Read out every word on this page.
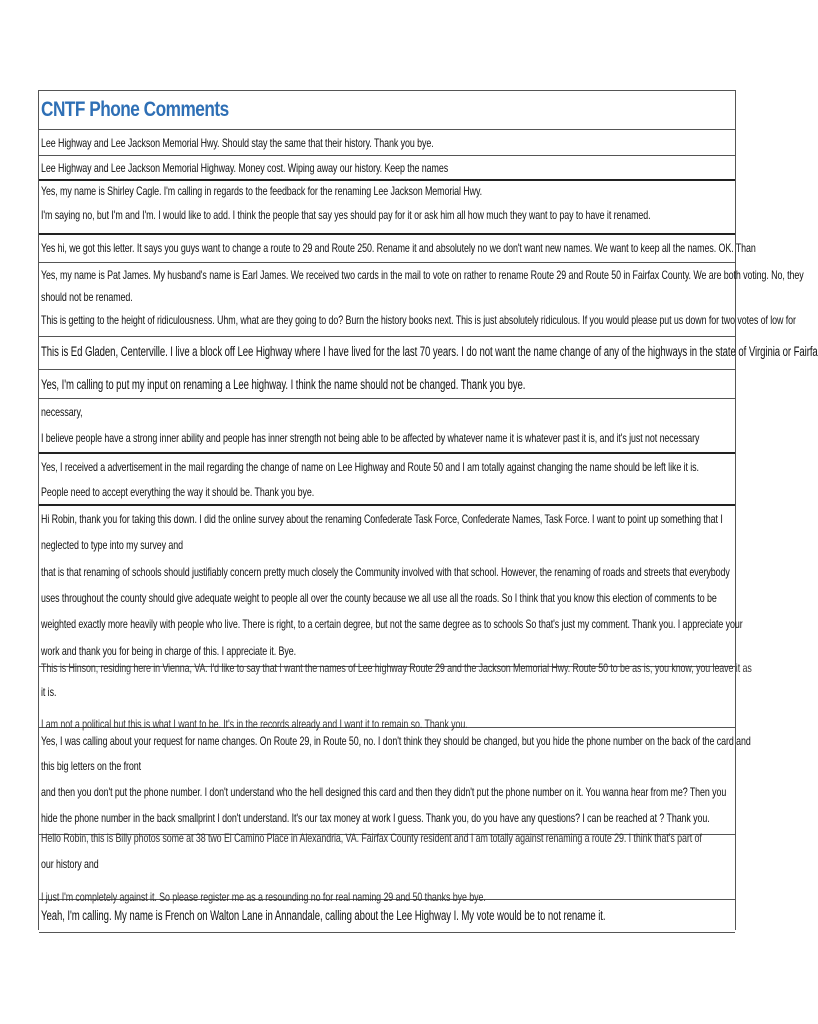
CNTF Phone Comments
Lee Highway and Lee Jackson Memorial Hwy. Should stay the same that their history. Thank you bye.
Lee Highway and Lee Jackson Memorial Highway. Money cost. Wiping away our history. Keep the names
Yes, my name is Shirley Cagle. I'm calling in regards to the feedback for the renaming Lee Jackson Memorial Hwy.
I'm saying no, but I'm and I'm. I would like to add. I think the people that say yes should pay for it or ask him all how much they want to pay to have it renamed.
Yes hi, we got this letter. It says you guys want to change a route to 29 and Route 250. Rename it and absolutely no we don't want new names. We want to keep all the names. OK. Than
Yes, my name is Pat James. My husband's name is Earl James. We received two cards in the mail to vote on rather to rename Route 29 and Route 50 in Fairfax County. We are both voting. No, they
should not be renamed.
This is getting to the height of ridiculousness. Uhm, what are they going to do? Burn the history books next. This is just absolutely ridiculous. If you would please put us down for two votes of low for
This is Ed Gladen, Centerville. I live a block off Lee Highway where I have lived for the last 70 years. I do not want the name change of any of the highways in the state of Virginia or Fairfa
Yes, I'm calling to put my input on renaming a Lee highway. I think the name should not be changed. Thank you bye.
necessary,
I believe people have a strong inner ability and people has inner strength not being able to be affected by whatever name it is whatever past it is, and it's just not necessary
Yes, I received a advertisement in the mail regarding the change of name on Lee Highway and Route 50 and I am totally against changing the name should be left like it is.
People need to accept everything the way it should be. Thank you bye.
Hi Robin, thank you for taking this down. I did the online survey about the renaming Confederate Task Force, Confederate Names, Task Force. I want to point up something that I
neglected to type into my survey and
that is that renaming of schools should justifiably concern pretty much closely the Community involved with that school. However, the renaming of roads and streets that everybody
uses throughout the county should give adequate weight to people all over the county because we all use all the roads. So I think that you know this election of comments to be
weighted exactly more heavily with people who live. There is right, to a certain degree, but not the same degree as to schools So that's just my comment. Thank you. I appreciate your
work and thank you for being in charge of this. I appreciate it. Bye.
This is Hinson, residing here in Vienna, VA. I'd like to say that I want the names of Lee highway Route 29 and the Jackson Memorial Hwy. Route 50 to be as is, you know, you leave it as
it is.
I am not a political but this is what I want to be. It's in the records already and I want it to remain so. Thank you.
Yes, I was calling about your request for name changes. On Route 29, in Route 50, no. I don't think they should be changed, but you hide the phone number on the back of the card and
this big letters on the front
and then you don't put the phone number. I don't understand who the hell designed this card and then they didn't put the phone number on it. You wanna hear from me? Then you
hide the phone number in the back smallprint I don't understand. It's our tax money at work I guess. Thank you, do you have any questions? I can be reached at ? Thank you.
Hello Robin, this is Billy photos some at 38 two El Camino Place in Alexandria, VA. Fairfax County resident and I am totally against renaming a route 29. I think that's part of
our history and
I just I'm completely against it. So please register me as a resounding no for real naming 29 and 50 thanks bye bye.
Yeah, I'm calling. My name is French on Walton Lane in Annandale, calling about the Lee Highway I. My vote would be to not rename it.
